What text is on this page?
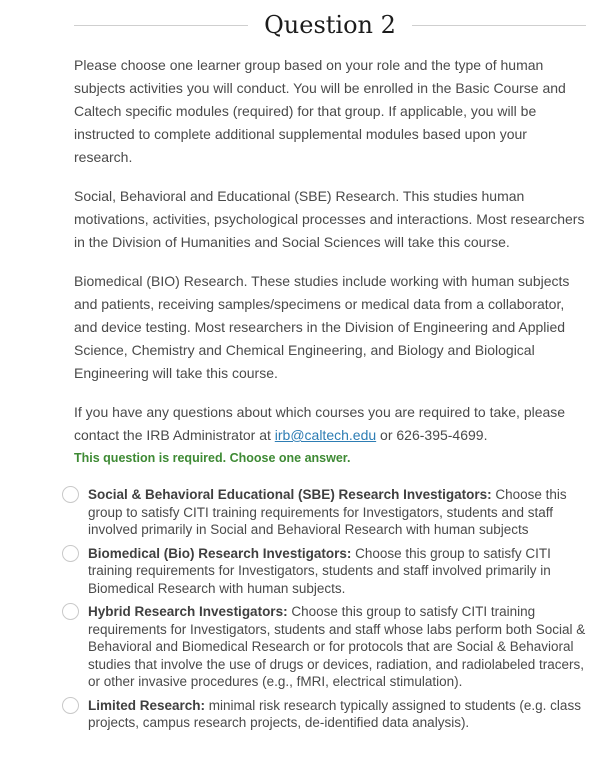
Question 2

Please choose one learner group based on your role and the type of human subjects activities you will conduct. You will be enrolled in the Basic Course and Caltech specific modules (required) for that group. If applicable, you will be instructed to complete additional supplemental modules based upon your research.

Social, Behavioral and Educational (SBE) Research. This studies human motivations, activities, psychological processes and interactions. Most researchers in the Division of Humanities and Social Sciences will take this course.

Biomedical (BIO) Research. These studies include working with human subjects and patients, receiving samples/specimens or medical data from a collaborator, and device testing. Most researchers in the Division of Engineering and Applied Science, Chemistry and Chemical Engineering, and Biology and Biological Engineering will take this course.

If you have any questions about which courses you are required to take, please contact the IRB Administrator at irb@caltech.edu or 626-395-4699.

This question is required. Choose one answer.

Social & Behavioral Educational (SBE) Research Investigators: Choose this group to satisfy CITI training requirements for Investigators, students and staff involved primarily in Social and Behavioral Research with human subjects
Biomedical (Bio) Research Investigators: Choose this group to satisfy CITI training requirements for Investigators, students and staff involved primarily in Biomedical Research with human subjects.
Hybrid Research Investigators: Choose this group to satisfy CITI training requirements for Investigators, students and staff whose labs perform both Social & Behavioral and Biomedical Research or for protocols that are Social & Behavioral studies that involve the use of drugs or devices, radiation, and radiolabeled tracers, or other invasive procedures (e.g., fMRI, electrical stimulation).
Limited Research: minimal risk research typically assigned to students (e.g. class projects, campus research projects, de-identified data analysis).
